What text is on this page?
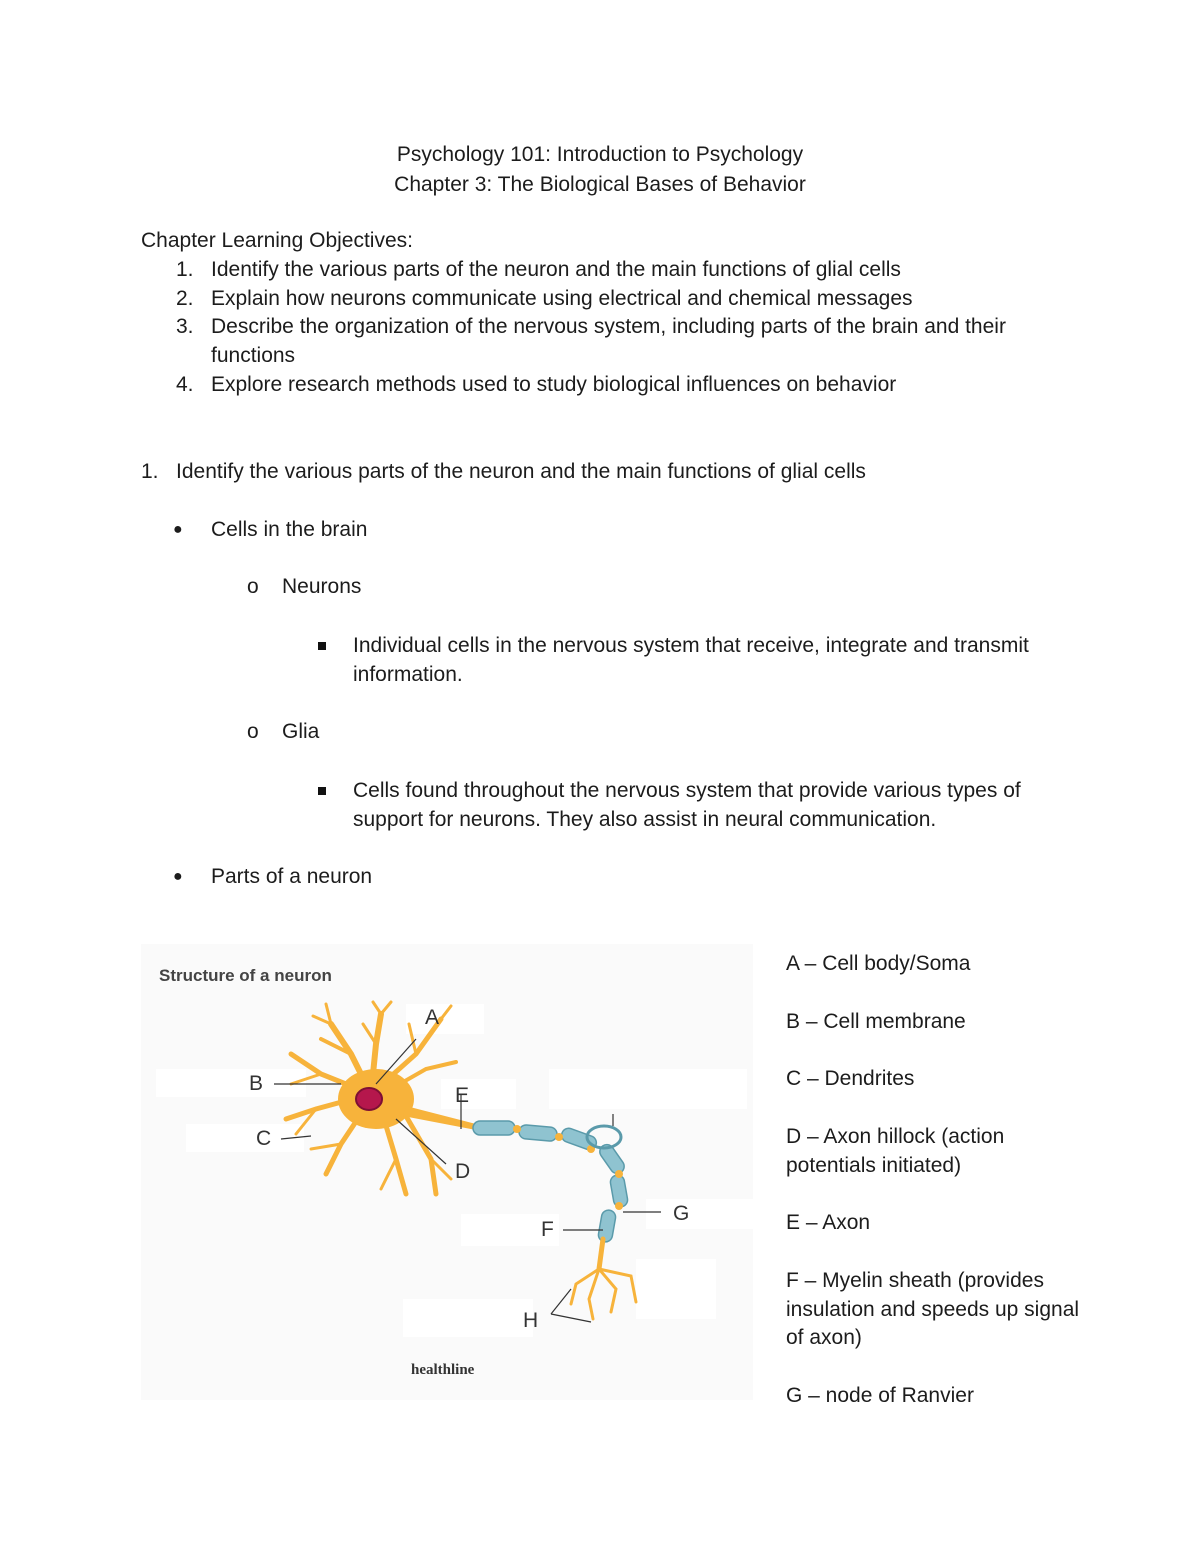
Psychology 101: Introduction to Psychology
Chapter 3: The Biological Bases of Behavior
Chapter Learning Objectives:
1. Identify the various parts of the neuron and the main functions of glial cells
2. Explain how neurons communicate using electrical and chemical messages
3. Describe the organization of the nervous system, including parts of the brain and their functions
4. Explore research methods used to study biological influences on behavior
1. Identify the various parts of the neuron and the main functions of glial cells
● Cells in the brain
o Neurons
Individual cells in the nervous system that receive, integrate and transmit information.
o Glia
Cells found throughout the nervous system that provide various types of support for neurons. They also assist in neural communication.
● Parts of a neuron
Structure of a neuron
A
B
C
D
E
F
G
H
healthline
A – Cell body/Soma
B – Cell membrane
C – Dendrites
D – Axon hillock (action potentials initiated)
E – Axon
F – Myelin sheath (provides insulation and speeds up signal of axon)
G – node of Ranvier
